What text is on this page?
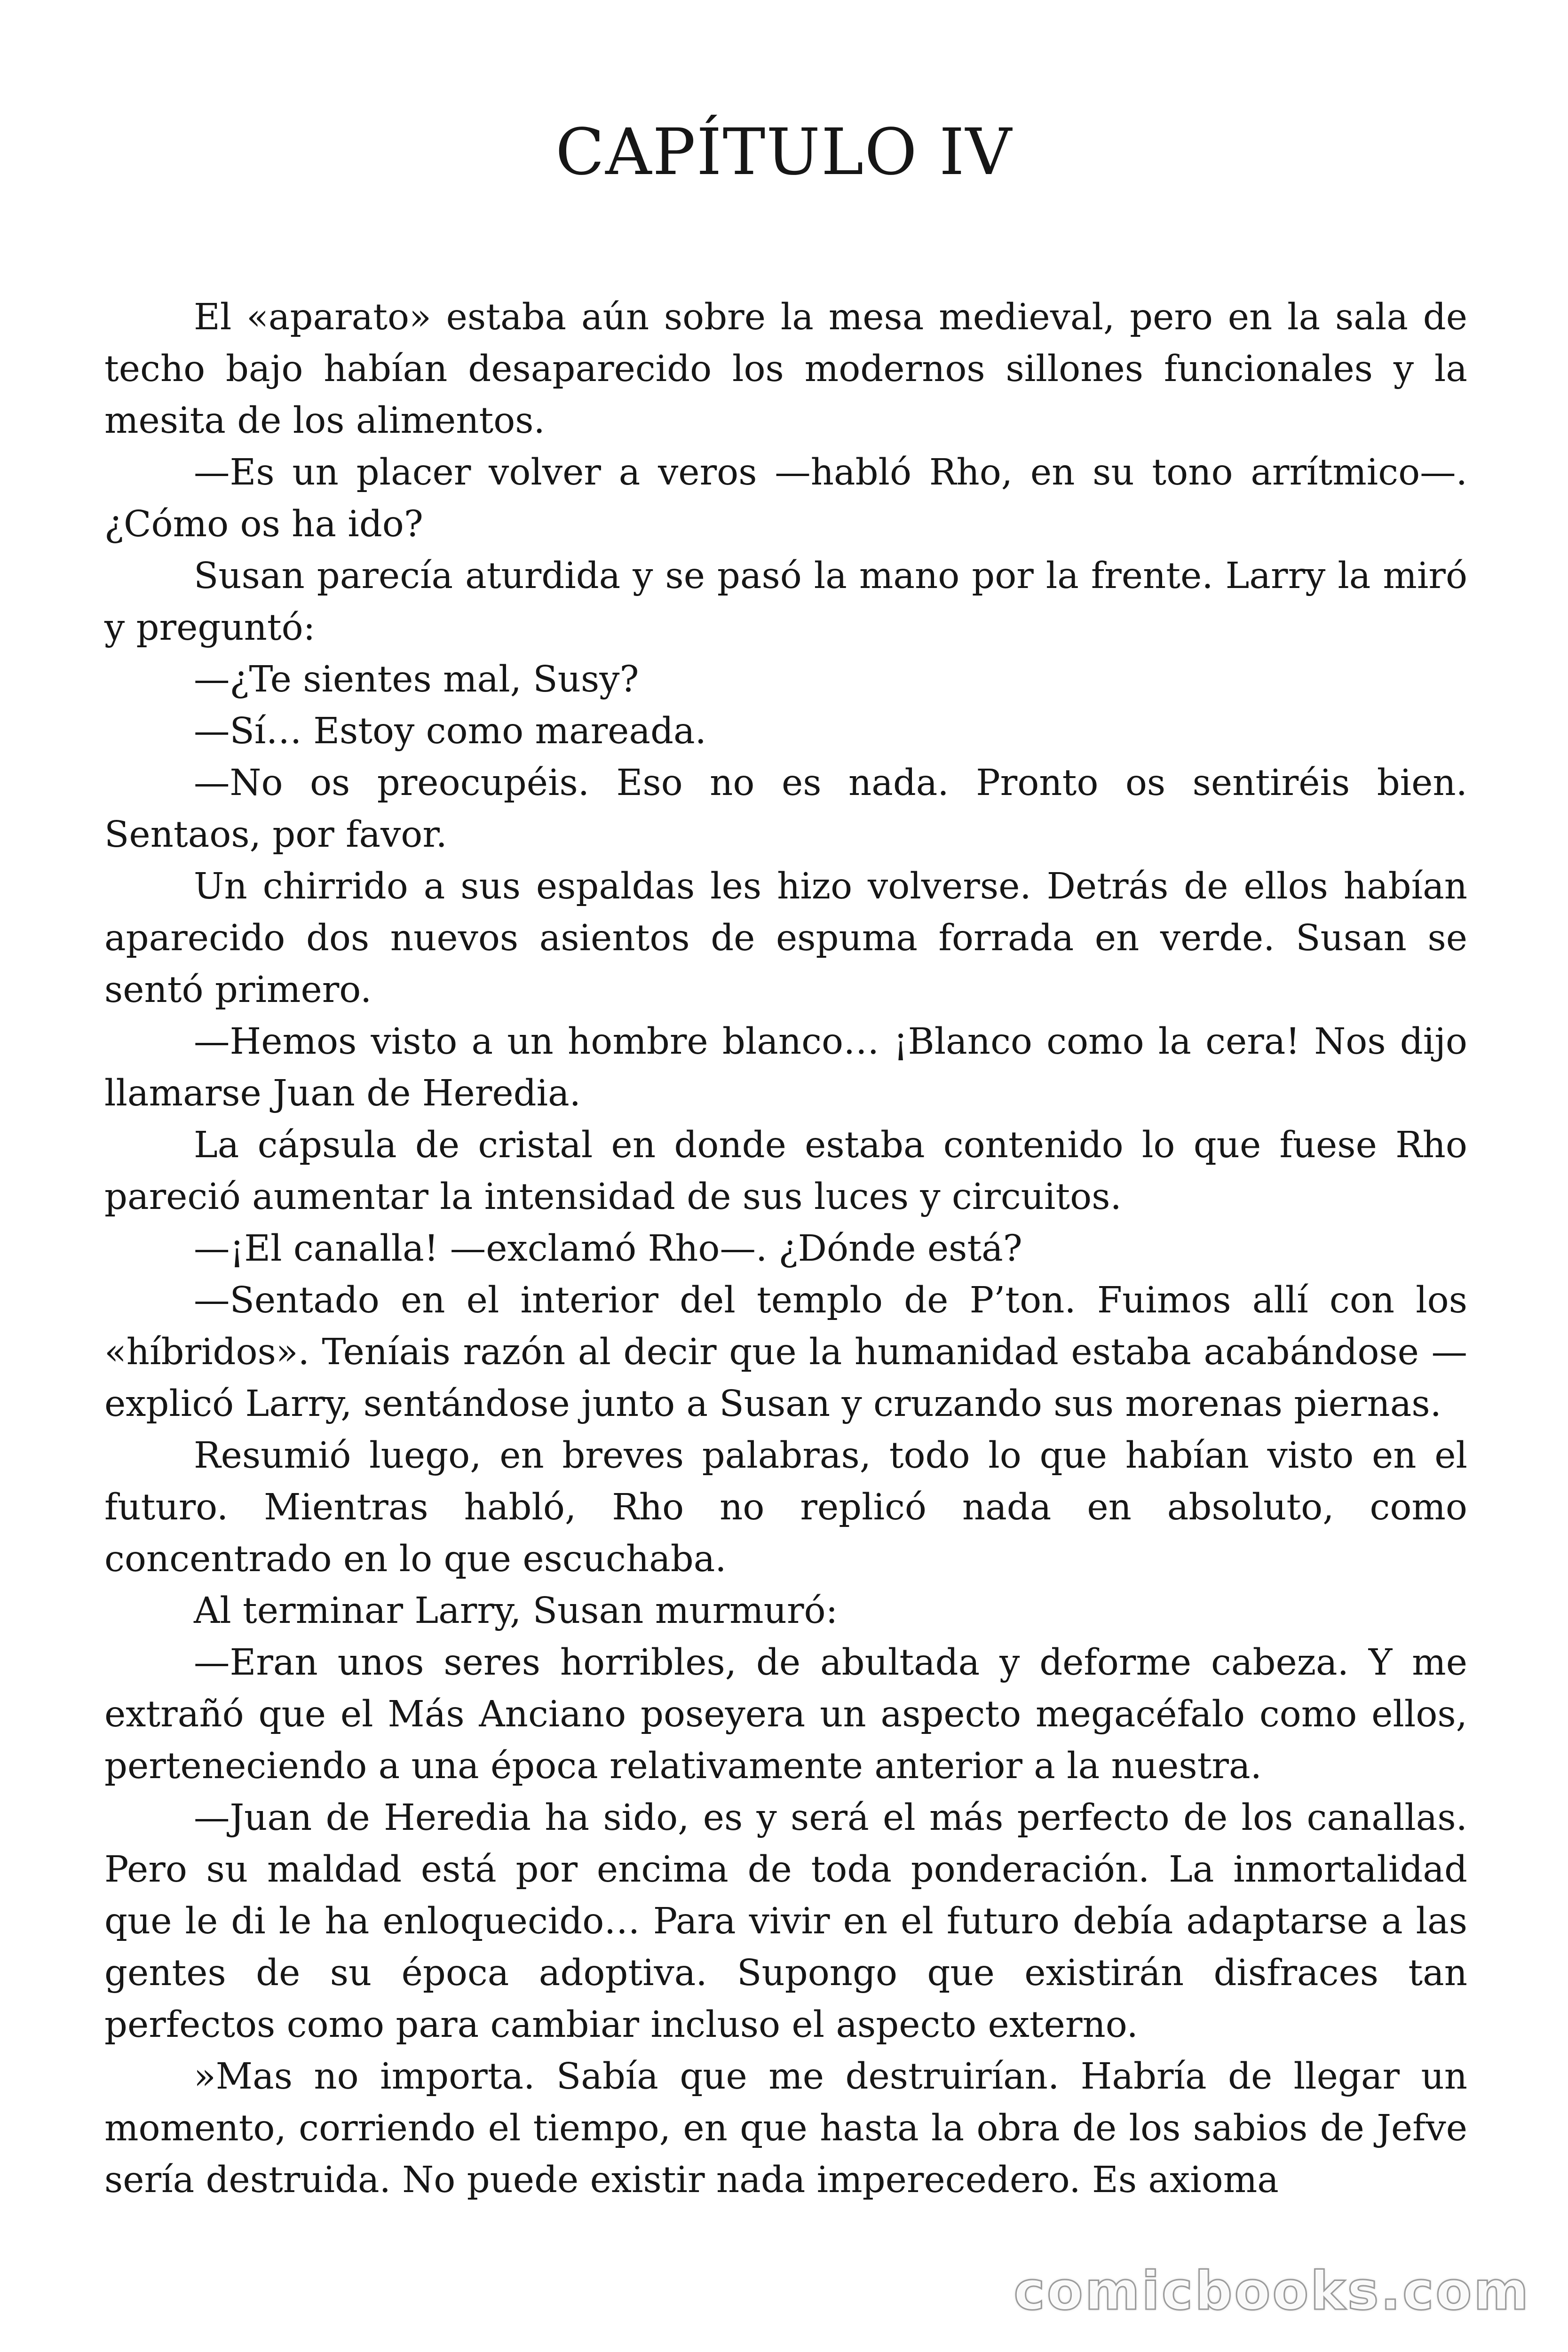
CAPÍTULO IV

El «aparato» estaba aún sobre la mesa medieval, pero en la sala de techo bajo habían desaparecido los modernos sillones funcionales y la mesita de los alimentos.

—Es un placer volver a veros —habló Rho, en su tono arrítmico—. ¿Cómo os ha ido?

Susan parecía aturdida y se pasó la mano por la frente. Larry la miró y preguntó:

—¿Te sientes mal, Susy?

—Sí… Estoy como mareada.

—No os preocupéis. Eso no es nada. Pronto os sentiréis bien. Sentaos, por favor.

Un chirrido a sus espaldas les hizo volverse. Detrás de ellos habían aparecido dos nuevos asientos de espuma forrada en verde. Susan se sentó primero.

—Hemos visto a un hombre blanco… ¡Blanco como la cera! Nos dijo llamarse Juan de Heredia.

La cápsula de cristal en donde estaba contenido lo que fuese Rho pareció aumentar la intensidad de sus luces y circuitos.

—¡El canalla! —exclamó Rho—. ¿Dónde está?

—Sentado en el interior del templo de P’ton. Fuimos allí con los «híbridos». Teníais razón al decir que la humanidad estaba acabándose —explicó Larry, sentándose junto a Susan y cruzando sus morenas piernas.

Resumió luego, en breves palabras, todo lo que habían visto en el futuro. Mientras habló, Rho no replicó nada en absoluto, como concentrado en lo que escuchaba.

Al terminar Larry, Susan murmuró:

—Eran unos seres horribles, de abultada y deforme cabeza. Y me extrañó que el Más Anciano poseyera un aspecto megacéfalo como ellos, perteneciendo a una época relativamente anterior a la nuestra.

—Juan de Heredia ha sido, es y será el más perfecto de los canallas. Pero su maldad está por encima de toda ponderación. La inmortalidad que le di le ha enloquecido… Para vivir en el futuro debía adaptarse a las gentes de su época adoptiva. Supongo que existirán disfraces tan perfectos como para cambiar incluso el aspecto externo.

»Mas no importa. Sabía que me destruirían. Habría de llegar un momento, corriendo el tiempo, en que hasta la obra de los sabios de Jefve sería destruida. No puede existir nada imperecedero. Es axioma

comicbooks.com
